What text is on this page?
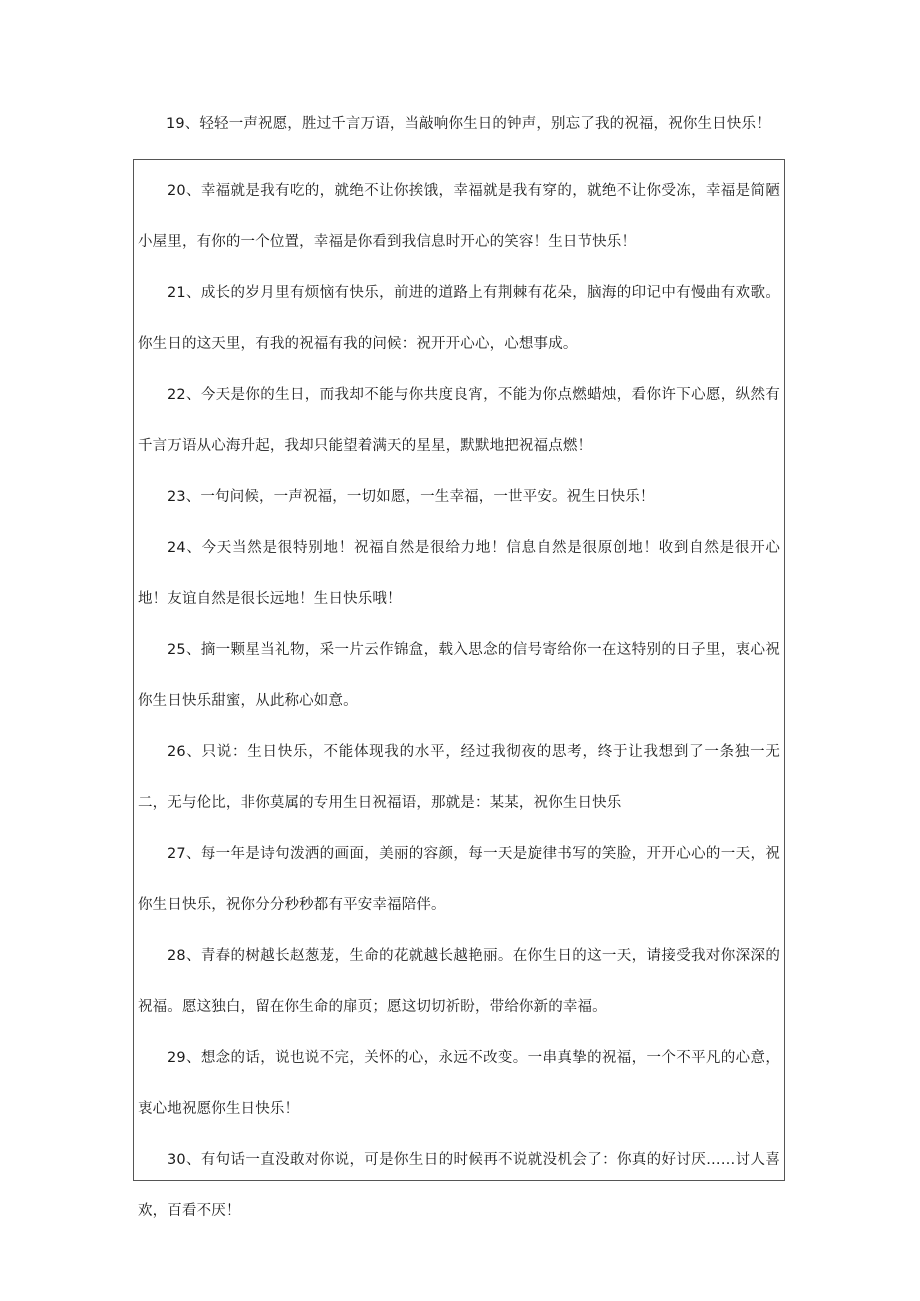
19、轻轻一声祝愿，胜过千言万语，当敲响你生日的钟声，别忘了我的祝福，祝你生日快乐！

20、幸福就是我有吃的，就绝不让你挨饿，幸福就是我有穿的，就绝不让你受冻，幸福是简陋小屋里，有你的一个位置，幸福是你看到我信息时开心的笑容！生日节快乐！

21、成长的岁月里有烦恼有快乐，前进的道路上有荆棘有花朵，脑海的印记中有慢曲有欢歌。你生日的这天里，有我的祝福有我的问候：祝开开心心，心想事成。

22、今天是你的生日，而我却不能与你共度良宵，不能为你点燃蜡烛，看你许下心愿，纵然有千言万语从心海升起，我却只能望着满天的星星，默默地把祝福点燃！

23、一句问候，一声祝福，一切如愿，一生幸福，一世平安。祝生日快乐！

24、今天当然是很特别地！祝福自然是很给力地！信息自然是很原创地！收到自然是很开心地！友谊自然是很长远地！生日快乐哦！

25、摘一颗星当礼物，采一片云作锦盒，载入思念的信号寄给你一在这特别的日子里，衷心祝你生日快乐甜蜜，从此称心如意。

26、只说：生日快乐，不能体现我的水平，经过我彻夜的思考，终于让我想到了一条独一无二，无与伦比，非你莫属的专用生日祝福语，那就是：某某，祝你生日快乐

27、每一年是诗句泼洒的画面，美丽的容颜，每一天是旋律书写的笑脸，开开心心的一天，祝你生日快乐，祝你分分秒秒都有平安幸福陪伴。

28、青春的树越长赵葱茏，生命的花就越长越艳丽。在你生日的这一天，请接受我对你深深的祝福。愿这独白，留在你生命的扉页；愿这切切祈盼，带给你新的幸福。

29、想念的话，说也说不完，关怀的心，永远不改变。一串真挚的祝福，一个不平凡的心意，衷心地祝愿你生日快乐！

30、有句话一直没敢对你说，可是你生日的时候再不说就没机会了：你真的好讨厌……讨人喜欢，百看不厌！
